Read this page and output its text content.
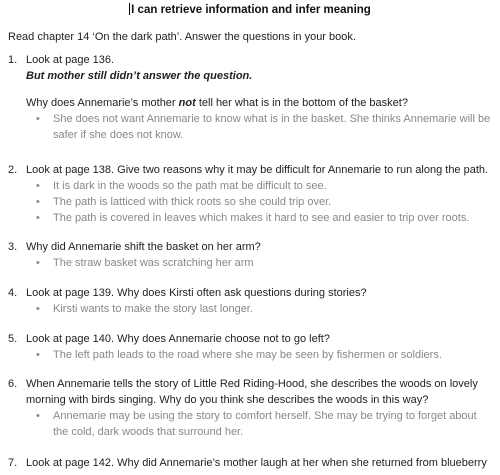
I can retrieve information and infer meaning
Read chapter 14 ‘On the dark path’. Answer the questions in your book.
1. Look at page 136.
But mother still didn’t answer the question.
Why does Annemarie’s mother not tell her what is in the bottom of the basket?
• She does not want Annemarie to know what is in the basket. She thinks Annemarie will be safer if she does not know.
2. Look at page 138. Give two reasons why it may be difficult for Annemarie to run along the path.
• It is dark in the woods so the path mat be difficult to see.
• The path is latticed with thick roots so she could trip over.
• The path is covered in leaves which makes it hard to see and easier to trip over roots.
3. Why did Annemarie shift the basket on her arm?
• The straw basket was scratching her arm
4. Look at page 139. Why does Kirsti often ask questions during stories?
• Kirsti wants to make the story last longer.
5. Look at page 140. Why does Annemarie choose not to go left?
• The left path leads to the road where she may be seen by fishermen or soldiers.
6. When Annemarie tells the story of Little Red Riding-Hood, she describes the woods on lovely morning with birds singing. Why do you think she describes the woods in this way?
• Annemarie may be using the story to comfort herself. She may be trying to forget about the cold, dark woods that surround her.
7. Look at page 142. Why did Annemarie’s mother laugh at her when she returned from blueberry
